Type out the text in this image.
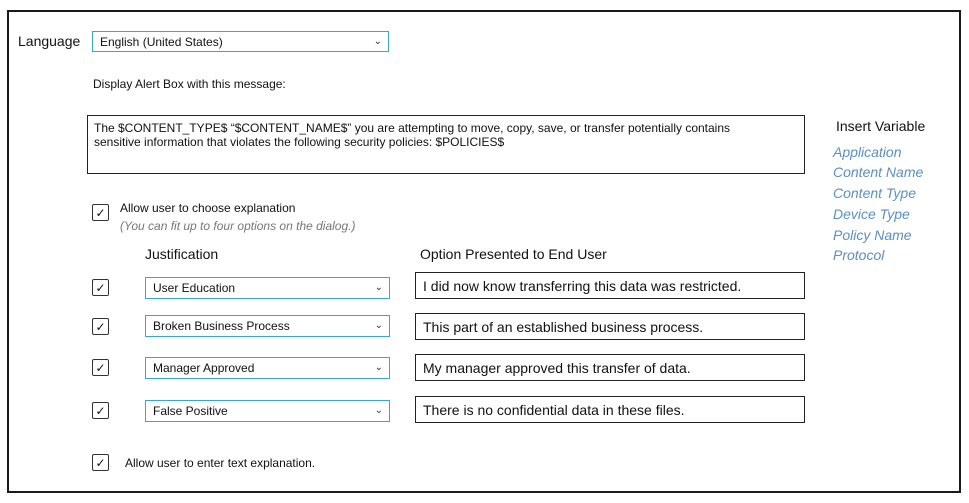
Language English (United States)	⌄
Display Alert Box with this message:
The $CONTENT_TYPE$ “$CONTENT_NAME$” you are attempting to move, copy, save, or transfer potentially contains
sensitive information that violates the following security policies: $POLICIES$
Insert Variable
Application
Content Name
Content Type
Device Type
Policy Name
Protocol
✓ Allow user to choose explanation
(You can fit up to four options on the dialog.)
Justification	Option Presented to End User
✓	User Education	⌄	I did now know transferring this data was restricted.
✓	Broken Business Process	⌄	This part of an established business process.
✓	Manager Approved	⌄	My manager approved this transfer of data.
✓	False Positive	⌄	There is no confidential data in these files.
✓ Allow user to enter text explanation.
